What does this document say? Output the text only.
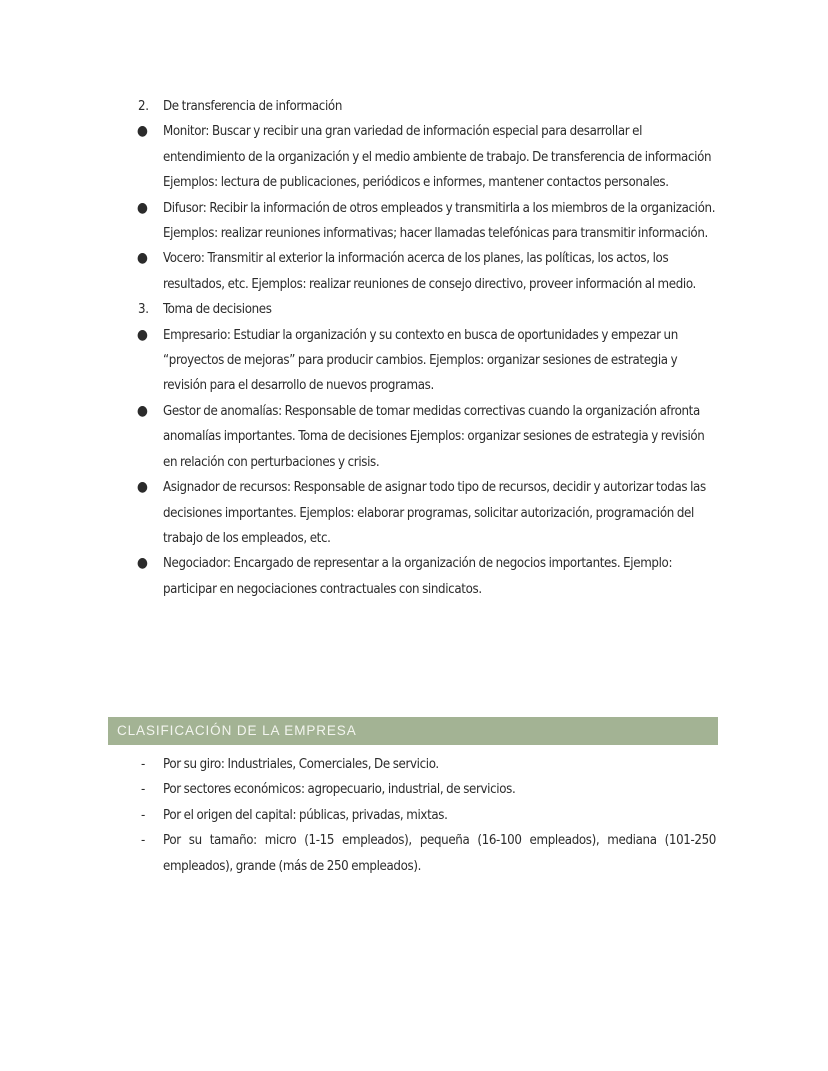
2.	De transferencia de información
●	Monitor: Buscar y recibir una gran variedad de información especial para desarrollar el entendimiento de la organización y el medio ambiente de trabajo. De transferencia de información Ejemplos: lectura de publicaciones, periódicos e informes, mantener contactos personales.
●	Difusor: Recibir la información de otros empleados y transmitirla a los miembros de la organización. Ejemplos: realizar reuniones informativas; hacer llamadas telefónicas para transmitir información.
●	Vocero: Transmitir al exterior la información acerca de los planes, las políticas, los actos, los resultados, etc. Ejemplos: realizar reuniones de consejo directivo, proveer información al medio.
3.	Toma de decisiones
●	Empresario: Estudiar la organización y su contexto en busca de oportunidades y empezar un “proyectos de mejoras” para producir cambios. Ejemplos: organizar sesiones de estrategia y revisión para el desarrollo de nuevos programas.
●	Gestor de anomalías: Responsable de tomar medidas correctivas cuando la organización afronta anomalías importantes. Toma de decisiones Ejemplos: organizar sesiones de estrategia y revisión en relación con perturbaciones y crisis.
●	Asignador de recursos: Responsable de asignar todo tipo de recursos, decidir y autorizar todas las decisiones importantes. Ejemplos: elaborar programas, solicitar autorización, programación del trabajo de los empleados, etc.
●	Negociador: Encargado de representar a la organización de negocios importantes. Ejemplo: participar en negociaciones contractuales con sindicatos.
CLASIFICACIÓN DE LA EMPRESA
-	Por su giro: Industriales, Comerciales, De servicio.
-	Por sectores económicos: agropecuario, industrial, de servicios.
-	Por el origen del capital: públicas, privadas, mixtas.
-	Por su tamaño: micro (1-15 empleados), pequeña (16-100 empleados), mediana (101-250 empleados), grande (más de 250 empleados).
